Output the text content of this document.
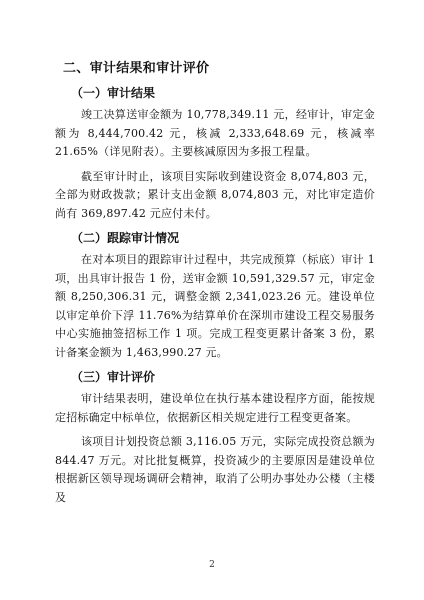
二、审计结果和审计评价
（一）审计结果
竣工决算送审金额为 10,778,349.11 元，经审计，审定金额为 8,444,700.42 元，核减 2,333,648.69 元，核减率 21.65%（详见附表）。主要核减原因为多报工程量。
截至审计时止，该项目实际收到建设资金 8,074,803 元，全部为财政拨款；累计支出金额 8,074,803 元，对比审定造价尚有 369,897.42 元应付未付。
（二）跟踪审计情况
在对本项目的跟踪审计过程中，共完成预算（标底）审计 1 项，出具审计报告 1 份，送审金额 10,591,329.57 元，审定金额 8,250,306.31 元，调整金额 2,341,023.26 元。建设单位以审定单价下浮 11.76%为结算单价在深圳市建设工程交易服务中心实施抽签招标工作 1 项。完成工程变更累计备案 3 份，累计备案金额为 1,463,990.27 元。
（三）审计评价
审计结果表明，建设单位在执行基本建设程序方面，能按规定招标确定中标单位，依据新区相关规定进行工程变更备案。
该项目计划投资总额 3,116.05 万元，实际完成投资总额为 844.47 万元。对比批复概算，投资减少的主要原因是建设单位根据新区领导现场调研会精神，取消了公明办事处办公楼（主楼及
2
